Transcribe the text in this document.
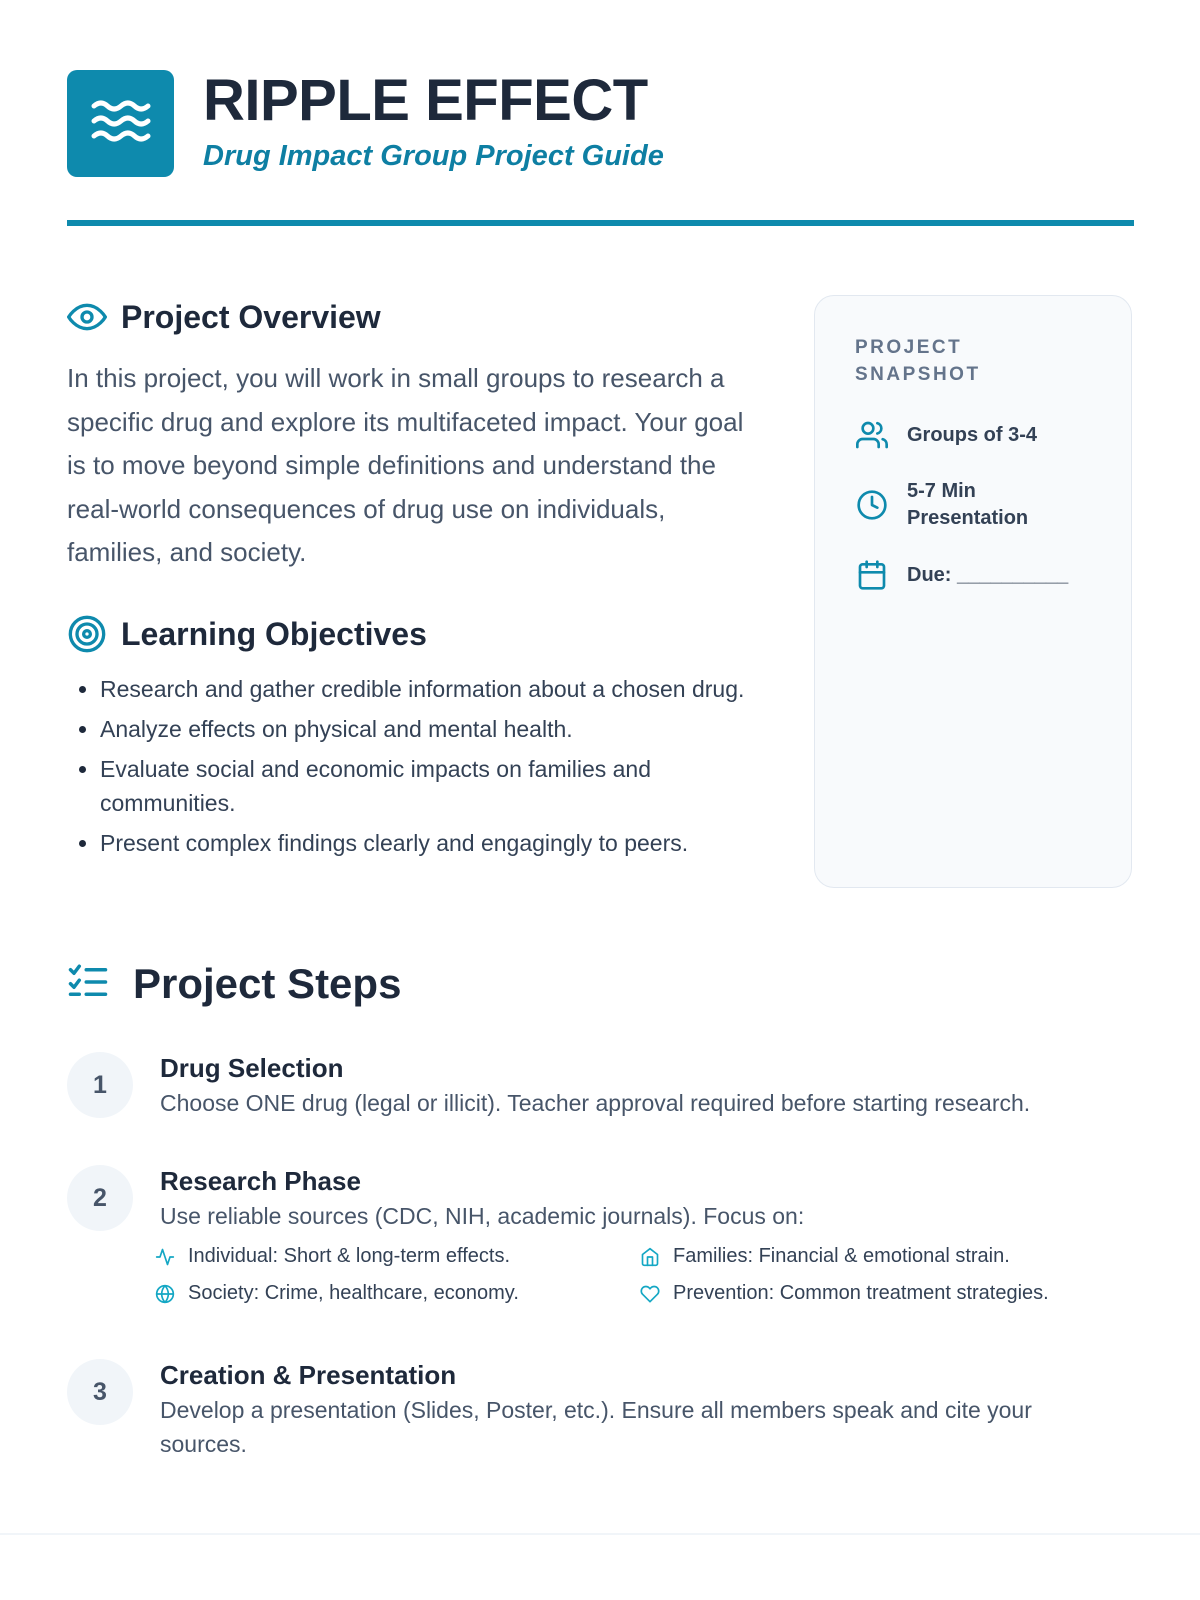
RIPPLE EFFECT
Drug Impact Group Project Guide
Project Overview
In this project, you will work in small groups to research a specific drug and explore its multifaceted impact. Your goal is to move beyond simple definitions and understand the real-world consequences of drug use on individuals, families, and society.
Learning Objectives
• Research and gather credible information about a chosen drug.
• Analyze effects on physical and mental health.
• Evaluate social and economic impacts on families and communities.
• Present complex findings clearly and engagingly to peers.
PROJECT SNAPSHOT
Groups of 3-4
5-7 Min Presentation
Due: __________
Project Steps
1
Drug Selection
Choose ONE drug (legal or illicit). Teacher approval required before starting research.
2
Research Phase
Use reliable sources (CDC, NIH, academic journals). Focus on:
Individual: Short & long-term effects.	Families: Financial & emotional strain.
Society: Crime, healthcare, economy.	Prevention: Common treatment strategies.
3
Creation & Presentation
Develop a presentation (Slides, Poster, etc.). Ensure all members speak and cite your sources.
